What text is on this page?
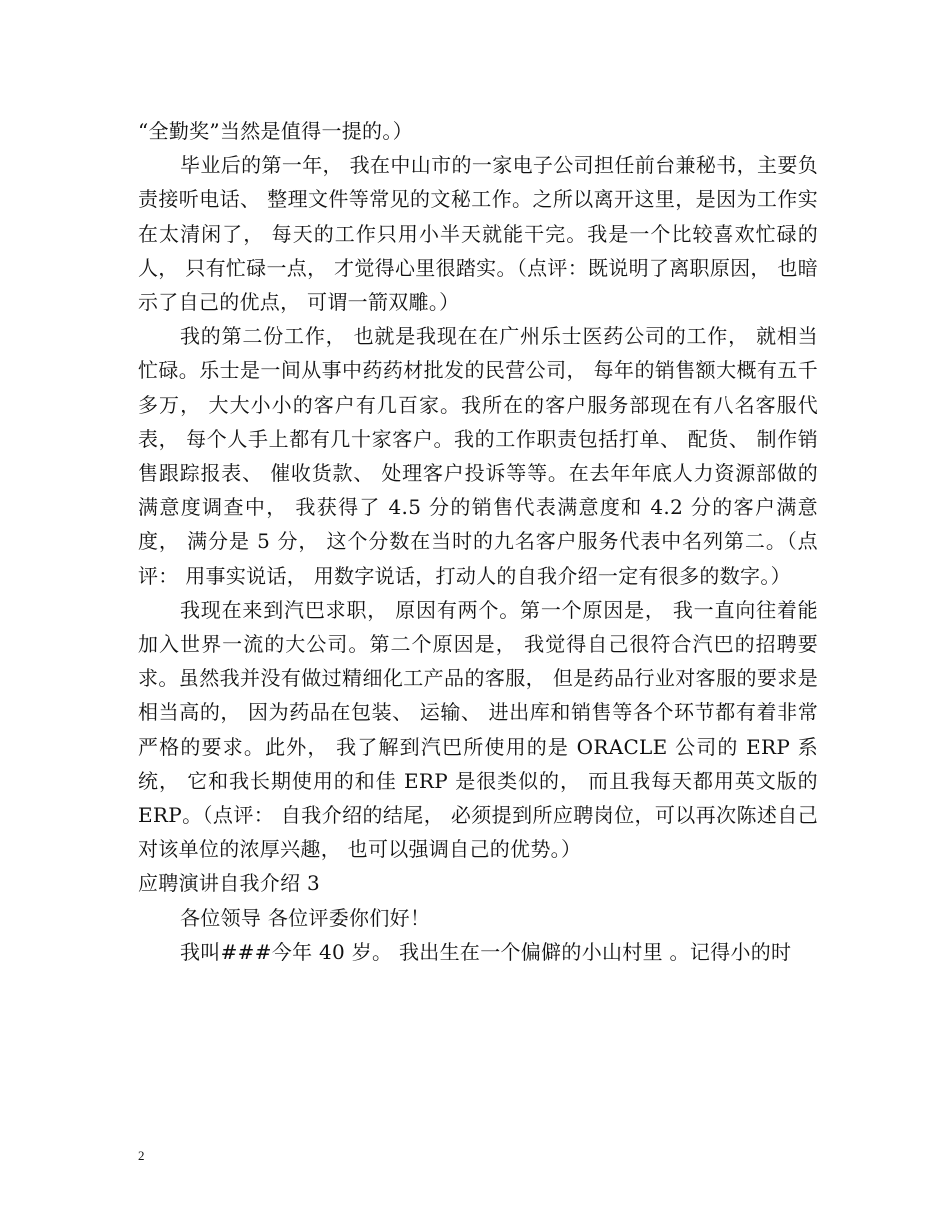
“全勤奖”当然是值得一提的。）

毕业后的第一年， 我在中山市的一家电子公司担任前台兼秘书，主要负责接听电话、 整理文件等常见的文秘工作。之所以离开这里，是因为工作实在太清闲了， 每天的工作只用小半天就能干完。我是一个比较喜欢忙碌的人， 只有忙碌一点， 才觉得心里很踏实。（点评：既说明了离职原因， 也暗示了自己的优点， 可谓一箭双雕。）

我的第二份工作， 也就是我现在在广州乐士医药公司的工作， 就相当忙碌。乐士是一间从事中药药材批发的民营公司， 每年的销售额大概有五千多万， 大大小小的客户有几百家。我所在的客户服务部现在有八名客服代表， 每个人手上都有几十家客户。我的工作职责包括打单、 配货、 制作销售跟踪报表、 催收货款、 处理客户投诉等等。在去年年底人力资源部做的满意度调查中， 我获得了 4.5 分的销售代表满意度和 4.2 分的客户满意度， 满分是 5 分， 这个分数在当时的九名客户服务代表中名列第二。（点评： 用事实说话， 用数字说话，打动人的自我介绍一定有很多的数字。）

我现在来到汽巴求职， 原因有两个。第一个原因是， 我一直向往着能加入世界一流的大公司。第二个原因是， 我觉得自己很符合汽巴的招聘要求。虽然我并没有做过精细化工产品的客服， 但是药品行业对客服的要求是相当高的， 因为药品在包装、 运输、 进出库和销售等各个环节都有着非常严格的要求。此外， 我了解到汽巴所使用的是 ORACLE 公司的 ERP 系统， 它和我长期使用的和佳 ERP 是很类似的， 而且我每天都用英文版的 ERP。（点评： 自我介绍的结尾， 必须提到所应聘岗位，可以再次陈述自己对该单位的浓厚兴趣， 也可以强调自己的优势。）

应聘演讲自我介绍 3

各位领导 各位评委你们好！

我叫###今年 40 岁。 我出生在一个偏僻的小山村里 。记得小的时

2
